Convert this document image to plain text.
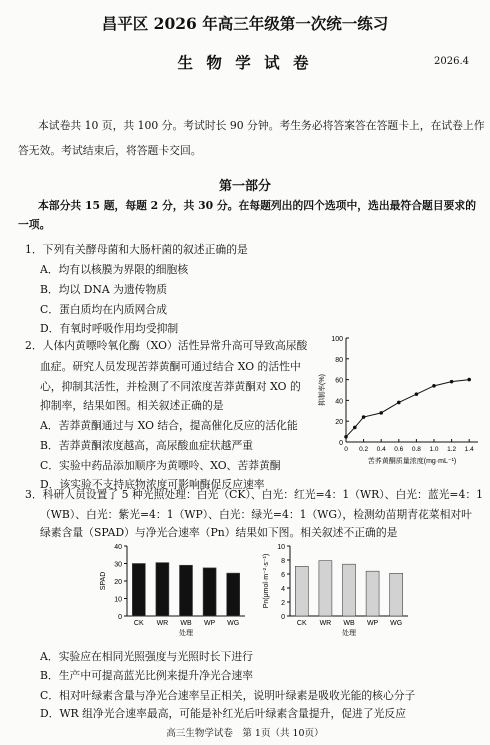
昌平区 2026 年高三年级第一次统一练习
生 物 学 试 卷	2026.4
本试卷共 10 页，共 100 分。考试时长 90 分钟。考生务必将答案答在答题卡上，在试卷上作
答无效。考试结束后，将答题卡交回。
第一部分
本部分共 15 题，每题 2 分，共 30 分。在每题列出的四个选项中，选出最符合题目要求的
一项。
1．下列有关酵母菌和大肠杆菌的叙述正确的是
A．均有以核膜为界限的细胞核
B．均以 DNA 为遗传物质
C．蛋白质均在内质网合成
D．有氧时呼吸作用均受抑制
2．人体内黄嘌呤氧化酶（XO）活性异常升高可导致高尿酸
血症。研究人员发现苦莽黄酮可通过结合 XO 的活性中
心，抑制其活性，并检测了不同浓度苦莽黄酮对 XO 的
抑制率，结果如图。相关叙述正确的是
A．苦莽黄酮通过与 XO 结合，提高催化反应的活化能
B．苦莽黄酮浓度越高，高尿酸血症状越严重
C．实验中药品添加顺序为黄嘌呤、XO、苦莽黄酮
D．该实验不支持底物浓度可影响酶促反应速率
0
20
40
60
80
100
0 0.2 0.4 0.6 0.8 1.0 1.2 1.4
苦荞黄酮质量浓度(mg·mL⁻¹)
抑制率(%)
3．科研人员设置了 5 种光照处理：白光（CK）、白光：红光=4：1（WR）、白光：蓝光=4：1
（WB）、白光：紫光=4：1（WP）、白光：绿光=4：1（WG），检测幼苗期青花菜相对叶
绿素含量（SPAD）与净光合速率（Pn）结果如下图。相关叙述不正确的是
0
10
20
30
40
CK WR WB WP WG
处理
SPAD
0
2
4
6
8
10
CK WR WB WP WG
处理
Pn(μmol·m⁻²·s⁻¹)
A．实验应在相同光照强度与光照时长下进行
B．生产中可提高蓝光比例来提升净光合速率
C．相对叶绿素含量与净光合速率呈正相关，说明叶绿素是吸收光能的核心分子
D．WR 组净光合速率最高，可能是补红光后叶绿素含量提升，促进了光反应
高三生物学试卷　第 1页（共 10页）
